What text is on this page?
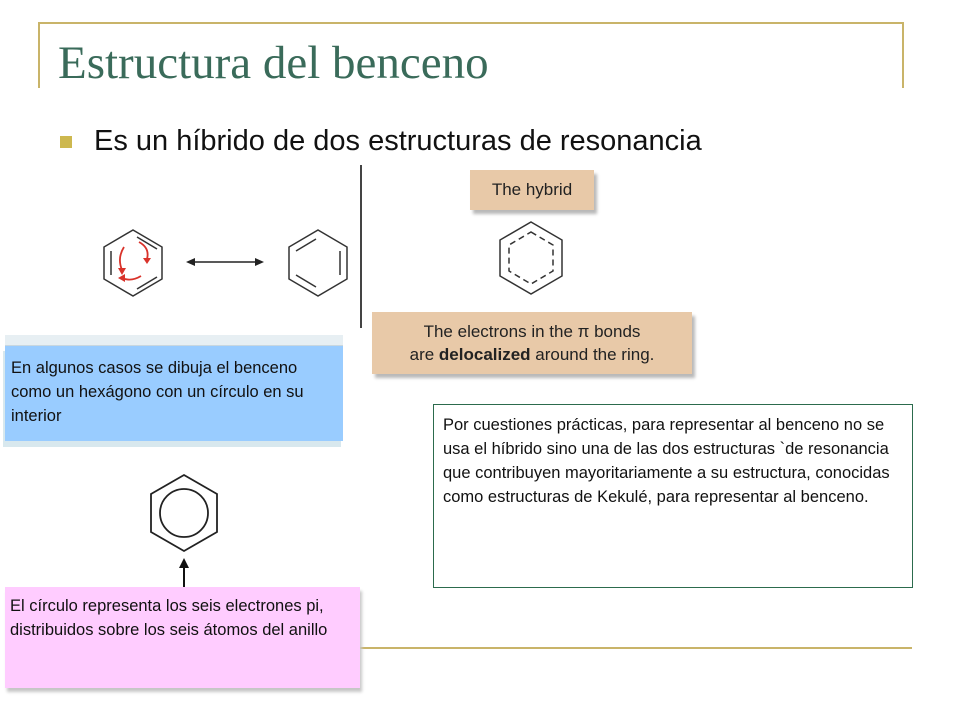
Estructura del benceno
Es un híbrido de dos estructuras de resonancia
The hybrid
The electrons in the π bonds
are delocalized around the ring.
En algunos casos se dibuja el benceno como un hexágono con un círculo en su interior	Por cuestiones prácticas, para representar al benceno no se usa el híbrido sino una de las dos estructuras `de resonancia que contribuyen mayoritariamente a su estructura, conocidas como estructuras de Kekulé, para representar al benceno.
El círculo representa los seis electrones pi, distribuidos sobre los seis átomos del anillo
